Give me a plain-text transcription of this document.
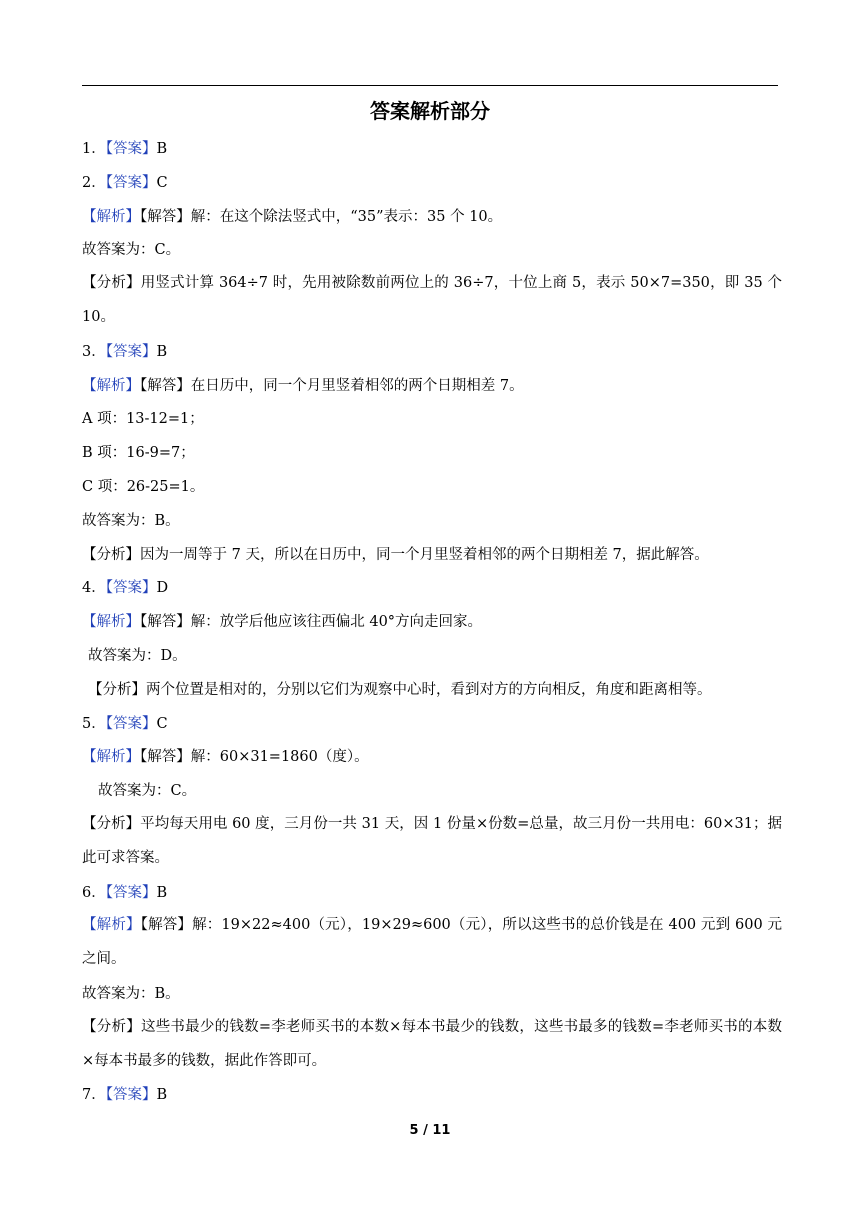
答案解析部分
1．【答案】B
2．【答案】C
【解析】【解答】解：在这个除法竖式中，“35”表示：35 个 10。
故答案为：C。
【分析】用竖式计算 364÷7 时，先用被除数前两位上的 36÷7，十位上商 5，表示 50×7=350，即 35 个 10。
3．【答案】B
【解析】【解答】在日历中，同一个月里竖着相邻的两个日期相差 7。
A 项：13-12=1；
B 项：16-9=7；
C 项：26-25=1。
故答案为：B。
【分析】因为一周等于 7 天，所以在日历中，同一个月里竖着相邻的两个日期相差 7，据此解答。
4．【答案】D
【解析】【解答】解：放学后他应该往西偏北 40°方向走回家。
故答案为：D。
【分析】两个位置是相对的，分别以它们为观察中心时，看到对方的方向相反，角度和距离相等。
5．【答案】C
【解析】【解答】解：60×31=1860（度）。
故答案为：C。
【分析】平均每天用电 60 度，三月份一共 31 天，因 1 份量×份数=总量，故三月份一共用电：60×31；据此可求答案。
6．【答案】B
【解析】【解答】解：19×22≈400（元），19×29≈600（元），所以这些书的总价钱是在 400 元到 600 元之间。
故答案为：B。
【分析】这些书最少的钱数=李老师买书的本数×每本书最少的钱数，这些书最多的钱数=李老师买书的本数×每本书最多的钱数，据此作答即可。
7．【答案】B
5 / 11
